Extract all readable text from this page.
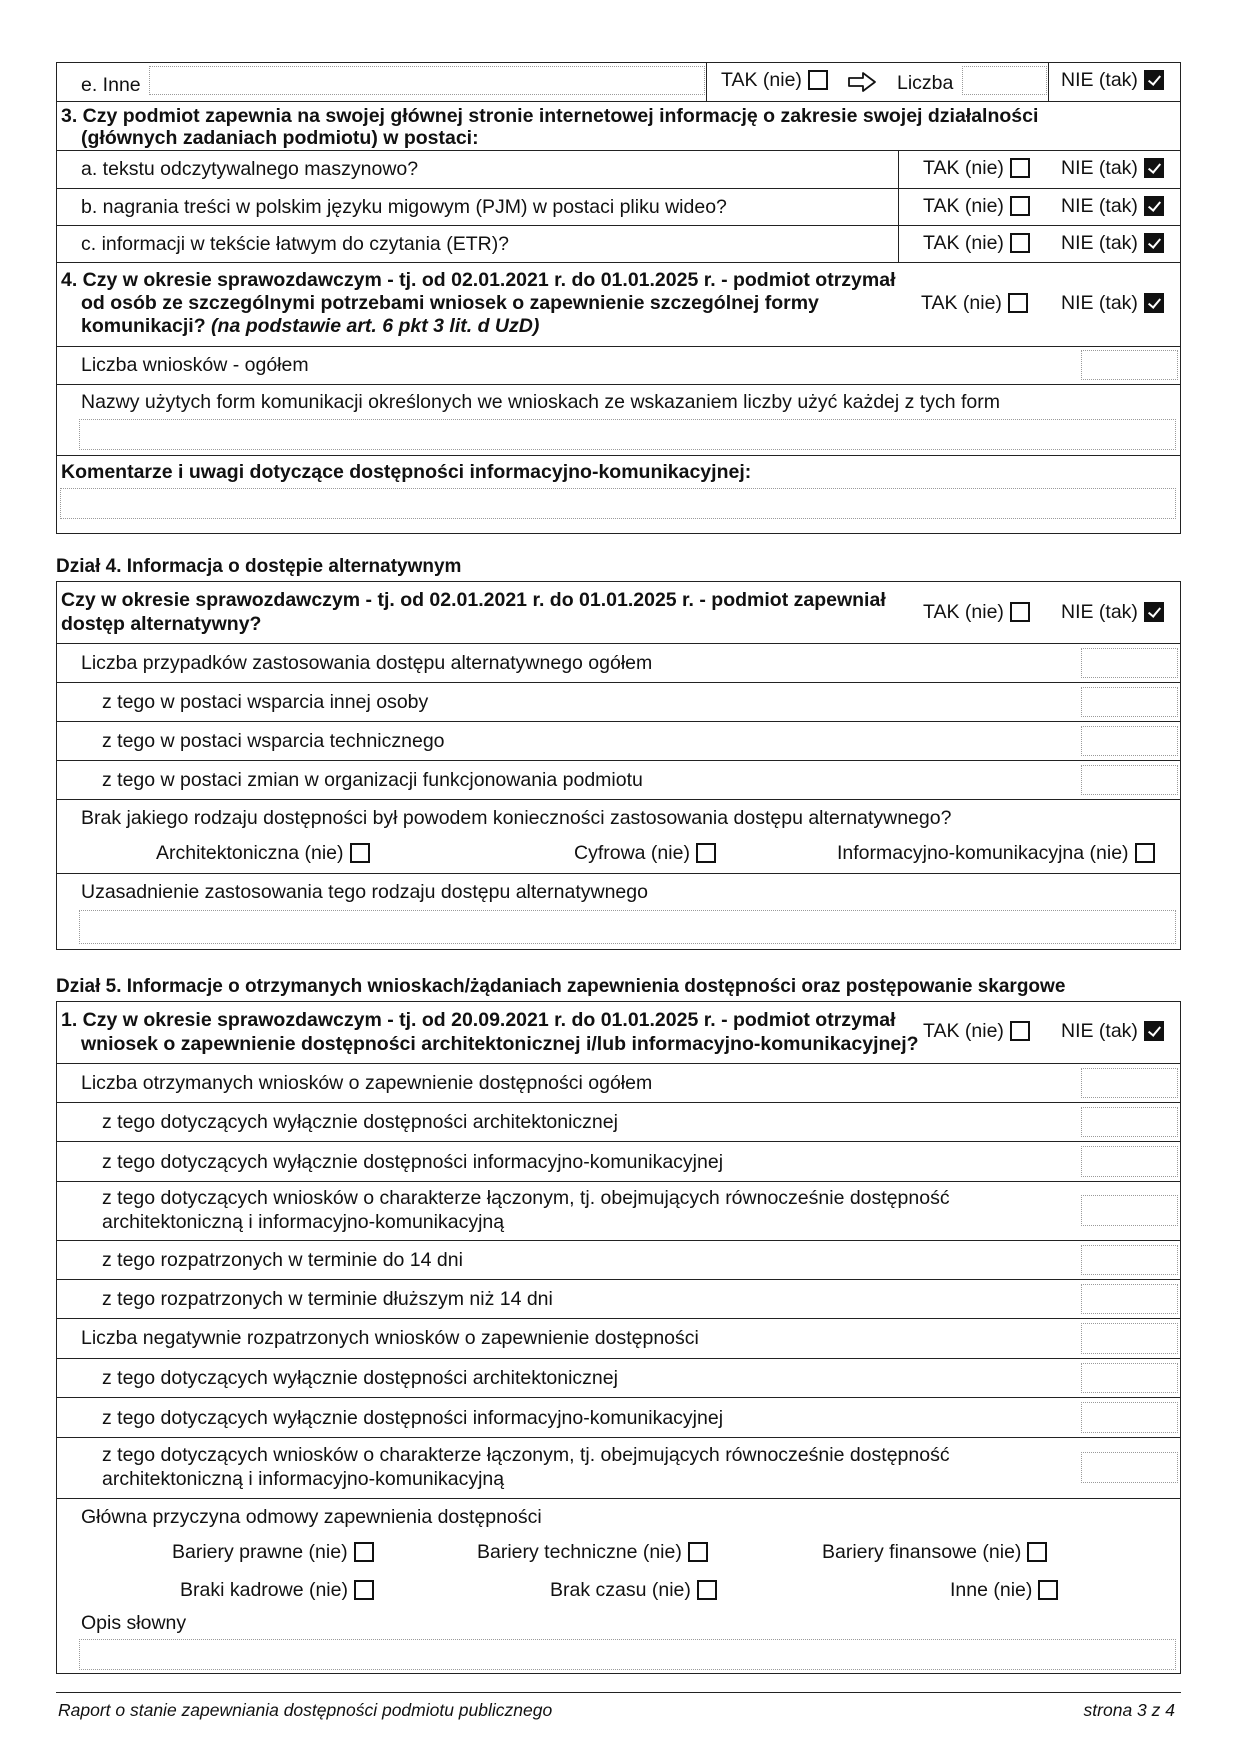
e. Inne	TAK (nie)	Liczba	NIE (tak)
3. Czy podmiot zapewnia na swojej głównej stronie internetowej informację o zakresie swojej działalności
(głównych zadaniach podmiotu) w postaci:
a. tekstu odczytywalnego maszynowo?	TAK (nie)	NIE (tak)
b. nagrania treści w polskim języku migowym (PJM) w postaci pliku wideo?	TAK (nie)	NIE (tak)
c. informacji w tekście łatwym do czytania (ETR)?	TAK (nie)	NIE (tak)
4. Czy w okresie sprawozdawczym - tj. od 02.01.2021 r. do 01.01.2025 r. - podmiot otrzymał
od osób ze szczególnymi potrzebami wniosek o zapewnienie szczególnej formy
komunikacji? (na podstawie art. 6 pkt 3 lit. d UzD)
TAK (nie)	NIE (tak)
Liczba wniosków - ogółem
Nazwy użytych form komunikacji określonych we wnioskach ze wskazaniem liczby użyć każdej z tych form
Komentarze i uwagi dotyczące dostępności informacyjno-komunikacyjnej:
Dział 4. Informacja o dostępie alternatywnym
Czy w okresie sprawozdawczym - tj. od 02.01.2021 r. do 01.01.2025 r. - podmiot zapewniał
dostęp alternatywny?
TAK (nie)	NIE (tak)
Liczba przypadków zastosowania dostępu alternatywnego ogółem
z tego w postaci wsparcia innej osoby
z tego w postaci wsparcia technicznego
z tego w postaci zmian w organizacji funkcjonowania podmiotu
Brak jakiego rodzaju dostępności był powodem konieczności zastosowania dostępu alternatywnego?
Architektoniczna (nie)	Cyfrowa (nie)	Informacyjno-komunikacyjna (nie)
Uzasadnienie zastosowania tego rodzaju dostępu alternatywnego
Dział 5. Informacje o otrzymanych wnioskach/żądaniach zapewnienia dostępności oraz postępowanie skargowe
1. Czy w okresie sprawozdawczym - tj. od 20.09.2021 r. do 01.01.2025 r. - podmiot otrzymał
wniosek o zapewnienie dostępności architektonicznej i/lub informacyjno-komunikacyjnej?
TAK (nie)	NIE (tak)
Liczba otrzymanych wniosków o zapewnienie dostępności ogółem
z tego dotyczących wyłącznie dostępności architektonicznej
z tego dotyczących wyłącznie dostępności informacyjno-komunikacyjnej
z tego dotyczących wniosków o charakterze łączonym, tj. obejmujących równocześnie dostępność
architektoniczną i informacyjno-komunikacyjną
z tego rozpatrzonych w terminie do 14 dni
z tego rozpatrzonych w terminie dłuższym niż 14 dni
Liczba negatywnie rozpatrzonych wniosków o zapewnienie dostępności
z tego dotyczących wyłącznie dostępności architektonicznej
z tego dotyczących wyłącznie dostępności informacyjno-komunikacyjnej
z tego dotyczących wniosków o charakterze łączonym, tj. obejmujących równocześnie dostępność
architektoniczną i informacyjno-komunikacyjną
Główna przyczyna odmowy zapewnienia dostępności
Bariery prawne (nie)	Bariery techniczne (nie)	Bariery finansowe (nie)
Braki kadrowe (nie)	Brak czasu (nie)	Inne (nie)
Opis słowny
Raport o stanie zapewniania dostępności podmiotu publicznego	strona 3 z 4
